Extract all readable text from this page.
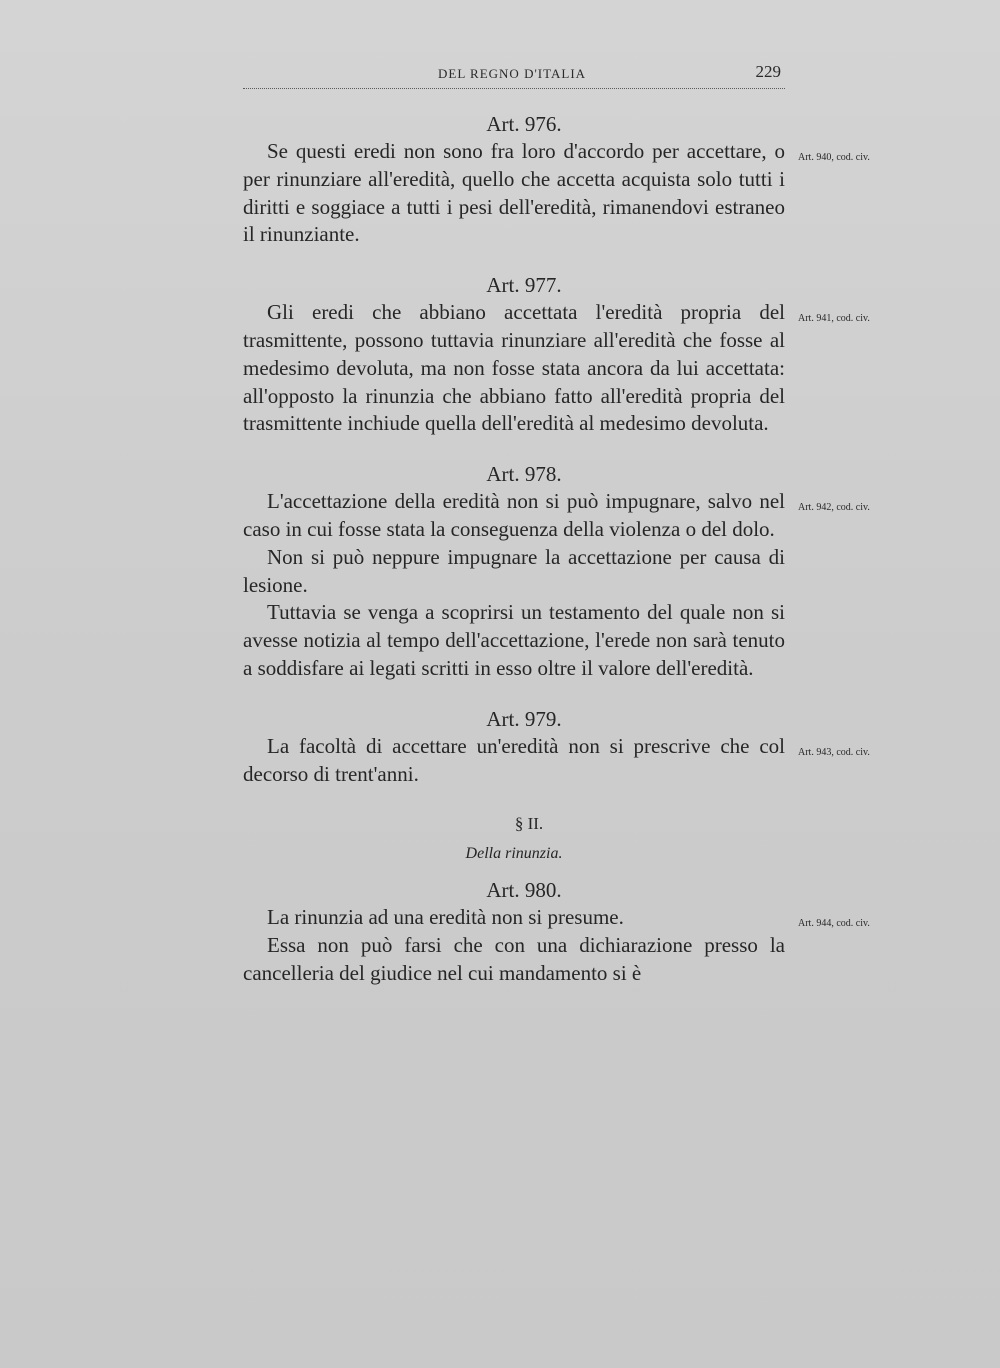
DEL REGNO D'ITALIA	229

Art. 976.

Se questi eredi non sono fra loro d'accordo per accettare, o per rinunziare all'eredità, quello che accetta acquista solo tutti i diritti e soggiace a tutti i pesi dell'eredità, rimanendovi estraneo il rinunziante.
Art. 940, cod. civ.

Art. 977.

Gli eredi che abbiano accettata l'eredità propria del trasmittente, possono tuttavia rinunziare all'eredità che fosse al medesimo devoluta, ma non fosse stata ancora da lui accettata: all'opposto la rinunzia che abbiano fatto all'eredità propria del trasmittente inchiude quella dell'eredità al medesimo devoluta.
Art. 941, cod. civ.

Art. 978.

L'accettazione della eredità non si può impugnare, salvo nel caso in cui fosse stata la conseguenza della violenza o del dolo.
Art. 942, cod. civ.

Non si può neppure impugnare la accettazione per causa di lesione.

Tuttavia se venga a scoprirsi un testamento del quale non si avesse notizia al tempo dell'accettazione, l'erede non sarà tenuto a soddisfare ai legati scritti in esso oltre il valore dell'eredità.

Art. 979.

La facoltà di accettare un'eredità non si prescrive che col decorso di trent'anni.
Art. 943, cod. civ.

§ II.

Della rinunzia.

Art. 980.

La rinunzia ad una eredità non si presume.	Art. 944, cod. civ.

Essa non può farsi che con una dichiarazione presso la cancelleria del giudice nel cui mandamento si è
